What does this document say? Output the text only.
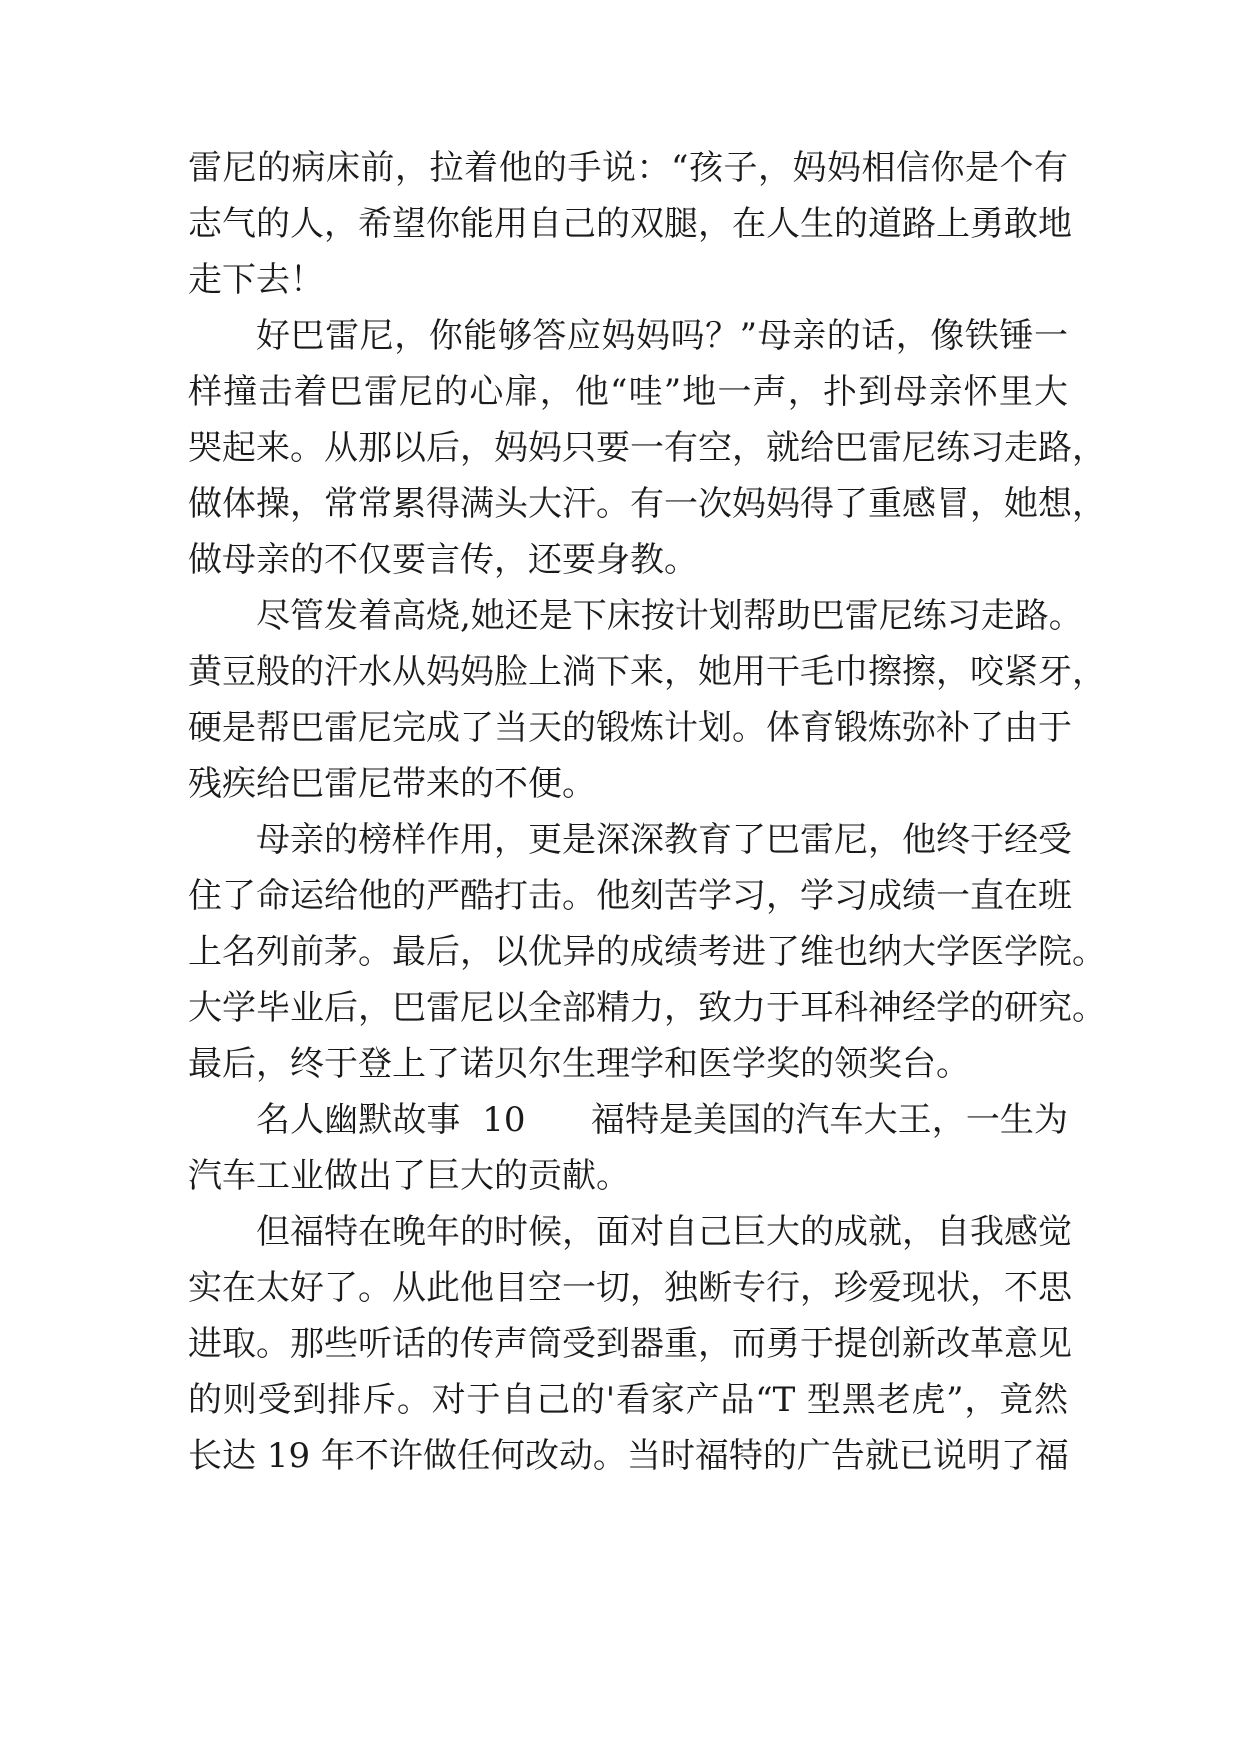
雷尼的病床前，拉着他的手说：“孩子，妈妈相信你是个有
志气的人，希望你能用自己的双腿，在人生的道路上勇敢地
走下去！
好巴雷尼，你能够答应妈妈吗？”母亲的话，像铁锤一
样撞击着巴雷尼的心扉，他“哇”地一声，扑到母亲怀里大
哭起来。从那以后，妈妈只要一有空，就给巴雷尼练习走路，
做体操，常常累得满头大汗。有一次妈妈得了重感冒，她想，
做母亲的不仅要言传，还要身教。
尽管发着高烧,她还是下床按计划帮助巴雷尼练习走路。
黄豆般的汗水从妈妈脸上淌下来，她用干毛巾擦擦，咬紧牙，
硬是帮巴雷尼完成了当天的锻炼计划。体育锻炼弥补了由于
残疾给巴雷尼带来的不便。
母亲的榜样作用，更是深深教育了巴雷尼，他终于经受
住了命运给他的严酷打击。他刻苦学习，学习成绩一直在班
上名列前茅。最后，以优异的成绩考进了维也纳大学医学院。
大学毕业后，巴雷尼以全部精力，致力于耳科神经学的研究。
最后，终于登上了诺贝尔生理学和医学奖的领奖台。
名人幽默故事  10      福特是美国的汽车大王，一生为
汽车工业做出了巨大的贡献。
但福特在晚年的时候，面对自己巨大的成就，自我感觉
实在太好了。从此他目空一切，独断专行，珍爱现状，不思
进取。那些听话的传声筒受到器重，而勇于提创新改革意见
的则受到排斥。对于自己的'看家产品“T 型黑老虎”，竟然
长达 19 年不许做任何改动。当时福特的广告就已说明了福
